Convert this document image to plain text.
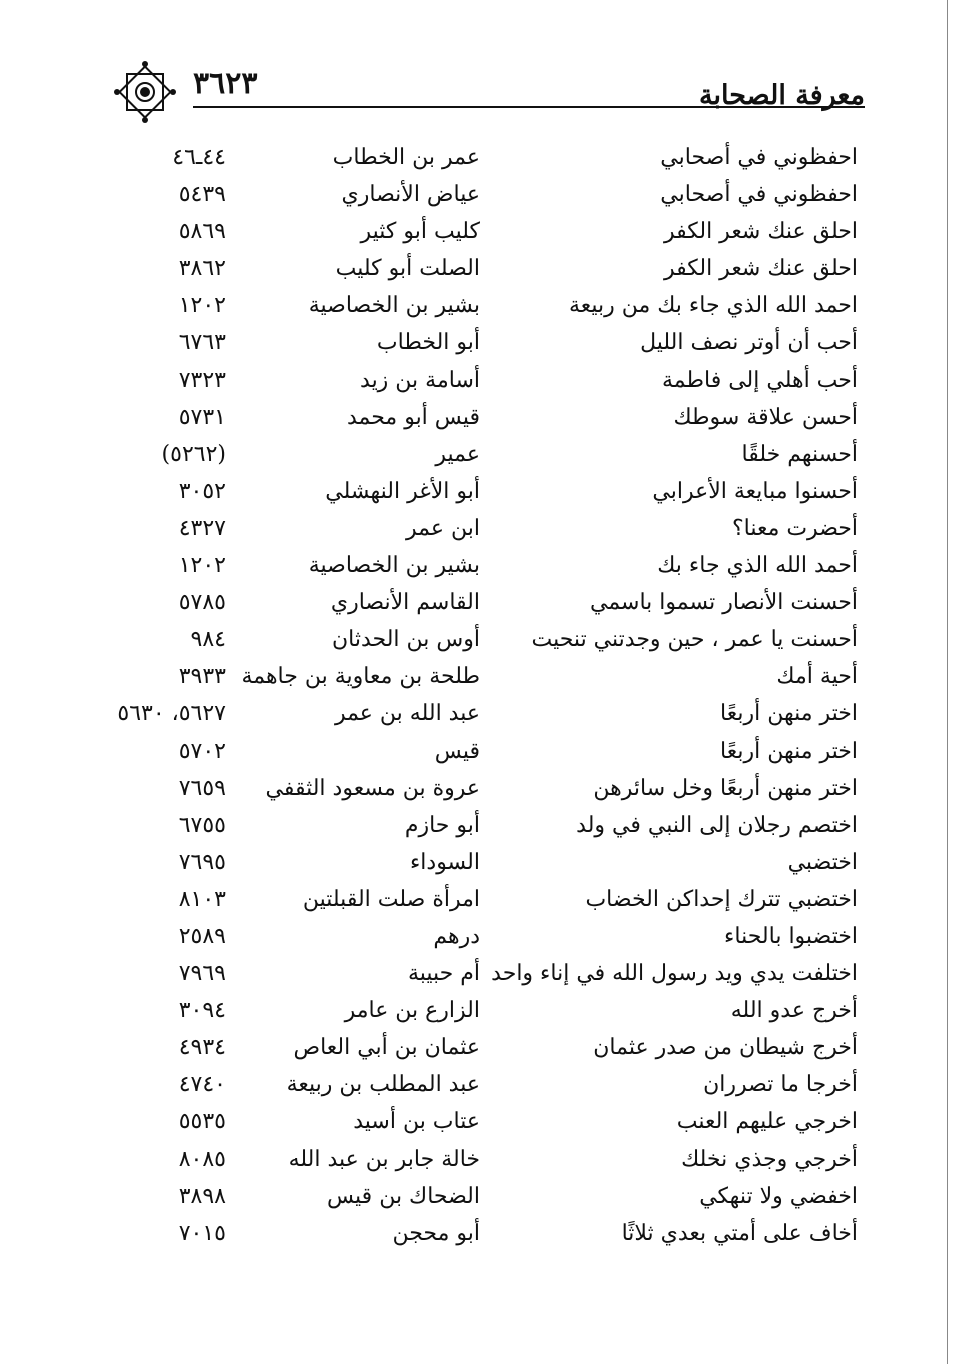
٣٦٢٣	معرفة الصحابة
احفظوني في أصحابي
عمر بن الخطاب
٤٤ـ٤٦
احفظوني في أصحابي
عياض الأنصاري
٥٤٣٩
احلق عنك شعر الكفر
كليب أبو كثير
٥٨٦٩
احلق عنك شعر الكفر
الصلت أبو كليب
٣٨٦٢
احمد الله الذي جاء بك من ربيعة
بشير بن الخصاصية
١٢٠٢
أحب أن أوتر نصف الليل
أبو الخطاب
٦٧٦٣
أحب أهلي إلى فاطمة
أسامة بن زيد
٧٣٢٣
أحسن علاقة سوطك
قيس أبو محمد
٥٧٣١
أحسنهم خلقًا
عمير
(٥٢٦٢)
أحسنوا مبايعة الأعرابي
أبو الأغر النهشلي
٣٠٥٢
أحضرت معنا؟
ابن عمر
٤٣٢٧
أحمد الله الذي جاء بك
بشير بن الخصاصية
١٢٠٢
أحسنت الأنصار تسموا باسمي
القاسم الأنصاري
٥٧٨٥
أحسنت يا عمر ، حين وجدتني تنحيت
أوس بن الحدثان
٩٨٤
أحية أمك
طلحة بن معاوية بن جاهمة
٣٩٣٣
اختر منهن أربعًا
عبد الله بن عمر
٥٦٢٧، ٥٦٣٠
اختر منهن أربعًا
قيس
٥٧٠٢
اختر منهن أربعًا وخل سائرهن
عروة بن مسعود الثقفي
٧٦٥٩
اختصم رجلان إلى النبي في ولد
أبو حازم
٦٧٥٥
اختضبي
السوداء
٧٦٩٥
اختضبي تترك إحداكن الخضاب
امرأة صلت القبلتين
٨١٠٣
اختضبوا بالحناء
درهم
٢٥٨٩
اختلفت يدي ويد رسول الله في إناء واحد
أم حبيبة
٧٩٦٩
أخرج عدو الله
الزارع بن عامر
٣٠٩٤
أخرج شيطان من صدر عثمان
عثمان بن أبي العاص
٤٩٣٤
أخرجا ما تصرران
عبد المطلب بن ربيعة
٤٧٤٠
اخرجي عليهم العنب
عتاب بن أسيد
٥٥٣٥
أخرجي وجذي نخلك
خالة جابر بن عبد الله
٨٠٨٥
اخفضي ولا تنهكي
الضحاك بن قيس
٣٨٩٨
أخاف على أمتي بعدي ثلاثًا
أبو محجن
٧٠١٥
